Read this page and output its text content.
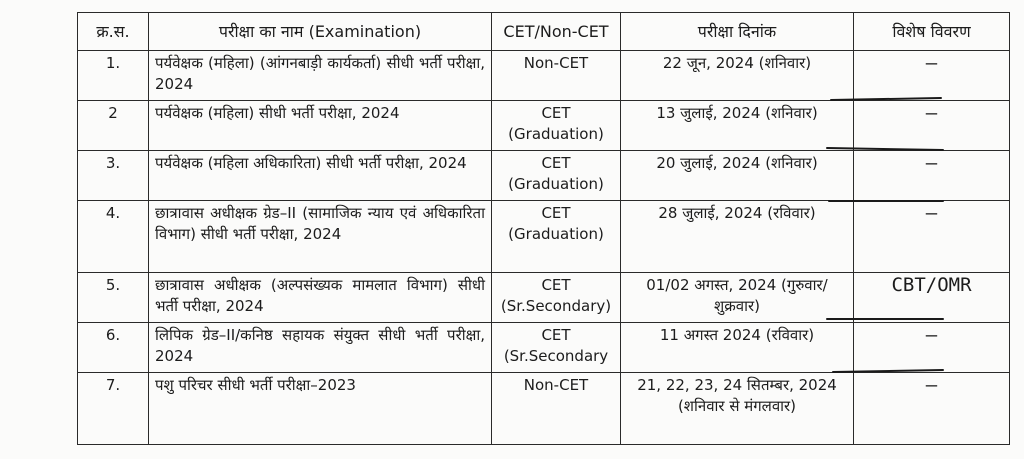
क्र.स.	परीक्षा का नाम (Examination)	CET/Non-CET	परीक्षा दिनांक	विशेष विवरण
1.	पर्यवेक्षक (महिला) (आंगनबाड़ी कार्यकर्ता) सीधी भर्ती परीक्षा, 2024	Non-CET	22 जून, 2024 (शनिवार)	–
2	पर्यवेक्षक (महिला) सीधी भर्ती परीक्षा, 2024	CET (Graduation)	13 जुलाई, 2024 (शनिवार)	–
3.	पर्यवेक्षक (महिला अधिकारिता) सीधी भर्ती परीक्षा, 2024	CET (Graduation)	20 जुलाई, 2024 (शनिवार)	–
4.	छात्रावास अधीक्षक ग्रेड–II (सामाजिक न्याय एवं अधिकारिता विभाग) सीधी भर्ती परीक्षा, 2024	CET (Graduation)	28 जुलाई, 2024 (रविवार)	–
5.	छात्रावास अधीक्षक (अल्पसंख्यक मामलात विभाग) सीधी भर्ती परीक्षा, 2024	CET (Sr.Secondary)	01/02 अगस्त, 2024 (गुरुवार/शुक्रवार)	CBT/OMR
6.	लिपिक ग्रेड–II/कनिष्ठ सहायक संयुक्त सीधी भर्ती परीक्षा, 2024	CET (Sr.Secondary	11 अगस्त 2024 (रविवार)	–
7.	पशु परिचर सीधी भर्ती परीक्षा–2023	Non-CET	21, 22, 23, 24 सितम्बर, 2024 (शनिवार से मंगलवार)	–
